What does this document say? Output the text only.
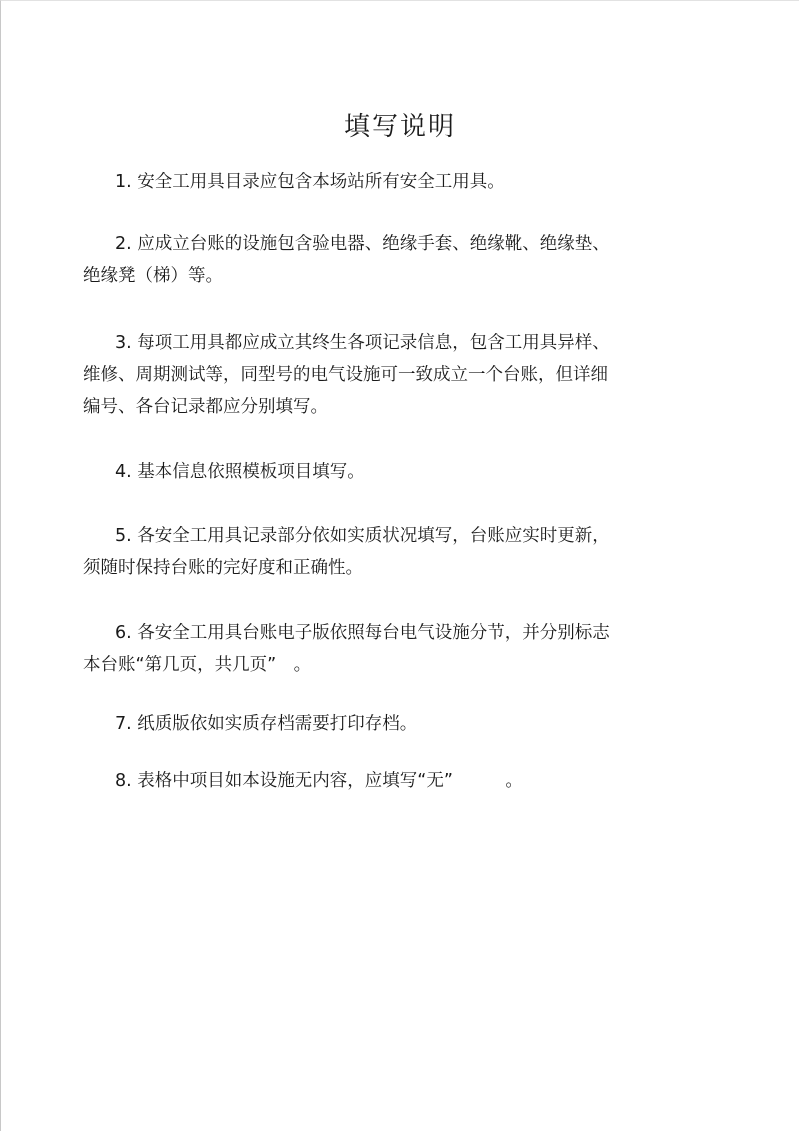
填写说明
1. 安全工用具目录应包含本场站所有安全工用具。
2. 应成立台账的设施包含验电器、绝缘手套、绝缘靴、绝缘垫、
绝缘凳（梯）等。
3. 每项工用具都应成立其终生各项记录信息，包含工用具异样、
维修、周期测试等，同型号的电气设施可一致成立一个台账，但详细
编号、各台记录都应分别填写。
4. 基本信息依照模板项目填写。
5. 各安全工用具记录部分依如实质状况填写，台账应实时更新，
须随时保持台账的完好度和正确性。
6. 各安全工用具台账电子版依照每台电气设施分节，并分别标志
本台账“第几页，共几页”　。
7. 纸质版依如实质存档需要打印存档。
8. 表格中项目如本设施无内容，应填写“无”　　　。
